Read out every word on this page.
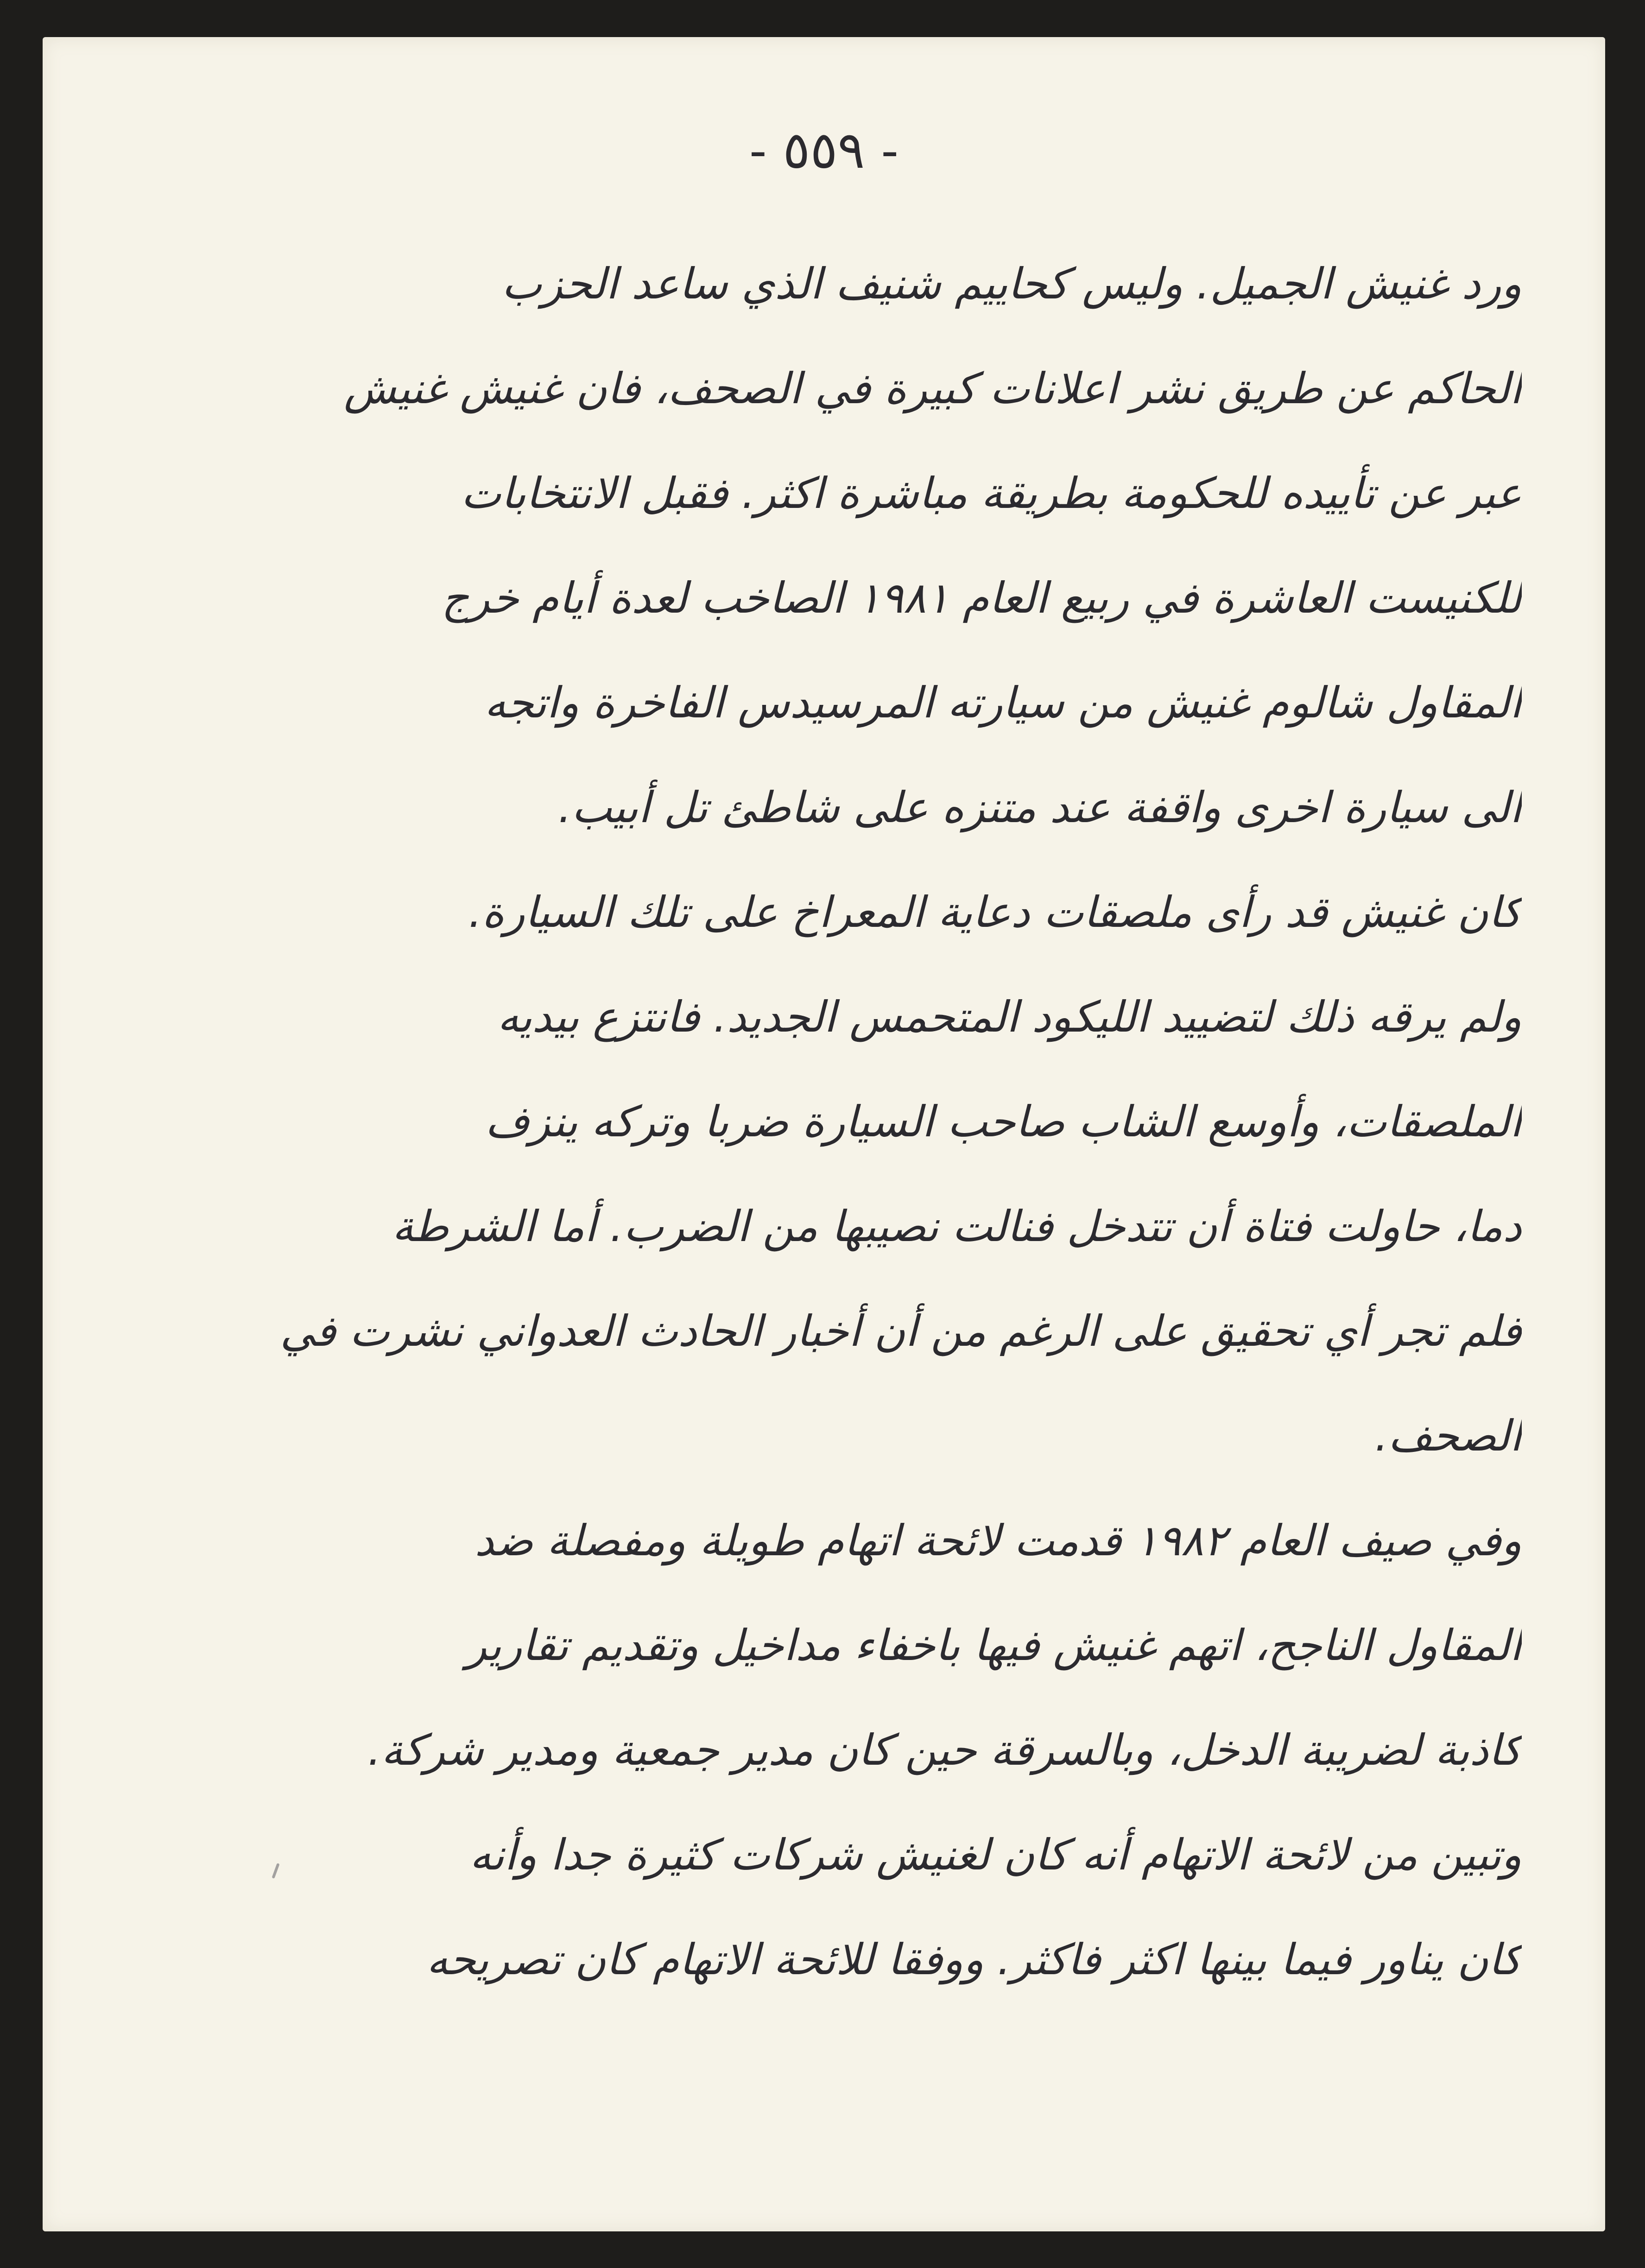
- ٥٥٩ -
ورد غنيش الجميل. وليس كحاييم شنيف الذي ساعد الحزب
الحاكم عن طريق نشر اعلانات كبيرة في الصحف، فان غنيش غنيش
عبر عن تأييده للحكومة بطريقة مباشرة اكثر. فقبل الانتخابات
للكنيست العاشرة في ربيع العام ١٩٨١ الصاخب لعدة أيام خرج
المقاول شالوم غنيش من سيارته المرسيدس الفاخرة واتجه
الى سيارة اخرى واقفة عند متنزه على شاطئ تل أبيب.
كان غنيش قد رأى ملصقات دعاية المعراخ على تلك السيارة.
ولم يرقه ذلك لتضييد الليكود المتحمس الجديد. فانتزع بيديه
الملصقات، وأوسع الشاب صاحب السيارة ضربا وتركه ينزف
دما، حاولت فتاة أن تتدخل فنالت نصيبها من الضرب. أما الشرطة
فلم تجر أي تحقيق على الرغم من أن أخبار الحادث العدواني نشرت في
الصحف.
وفي صيف العام ١٩٨٢ قدمت لائحة اتهام طويلة ومفصلة ضد
المقاول الناجح، اتهم غنيش فيها باخفاء مداخيل وتقديم تقارير
كاذبة لضريبة الدخل، وبالسرقة حين كان مدير جمعية ومدير شركة.
وتبين من لائحة الاتهام أنه كان لغنيش شركات كثيرة جدا وأنه
كان يناور فيما بينها اكثر فاكثر. ووفقا للائحة الاتهام كان تصريحه
